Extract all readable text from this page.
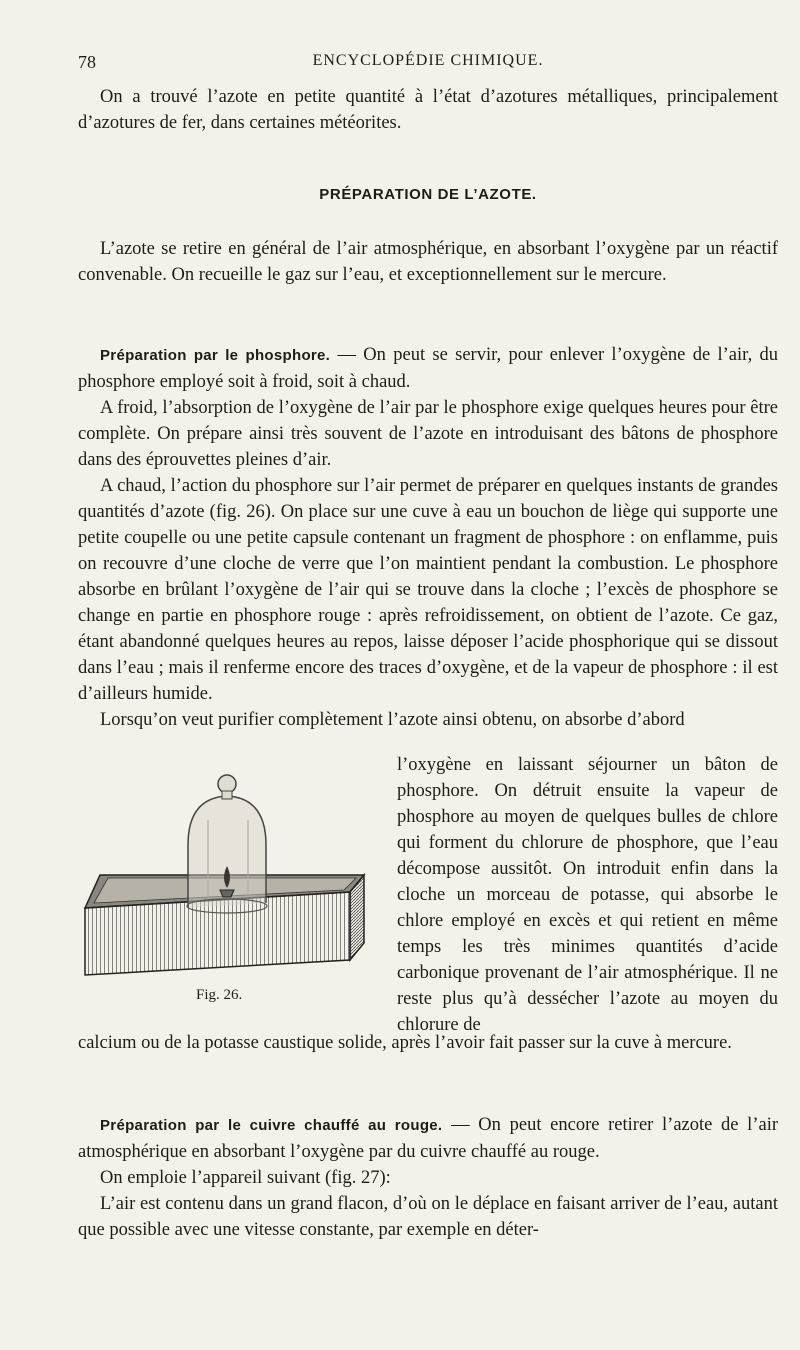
78	ENCYCLOPÉDIE CHIMIQUE.

On a trouvé l’azote en petite quantité à l’état d’azotures métalliques, principalement d’azotures de fer, dans certaines météorites.

PRÉPARATION DE L’AZOTE.

L’azote se retire en général de l’air atmosphérique, en absorbant l’oxygène par un réactif convenable. On recueille le gaz sur l’eau, et exceptionnellement sur le mercure.

Préparation par le phosphore. — On peut se servir, pour enlever l’oxygène de l’air, du phosphore employé soit à froid, soit à chaud.

A froid, l’absorption de l’oxygène de l’air par le phosphore exige quelques heures pour être complète. On prépare ainsi très souvent de l’azote en introduisant des bâtons de phosphore dans des éprouvettes pleines d’air.

A chaud, l’action du phosphore sur l’air permet de préparer en quelques instants de grandes quantités d’azote (fig. 26). On place sur une cuve à eau un bouchon de liège qui supporte une petite coupelle ou une petite capsule contenant un fragment de phosphore : on enflamme, puis on recouvre d’une cloche de verre que l’on maintient pendant la combustion. Le phosphore absorbe en brûlant l’oxygène de l’air qui se trouve dans la cloche ; l’excès de phosphore se change en partie en phosphore rouge : après refroidissement, on obtient de l’azote. Ce gaz, étant abandonné quelques heures au repos, laisse déposer l’acide phosphorique qui se dissout dans l’eau ; mais il renferme encore des traces d’oxygène, et de la vapeur de phosphore : il est d’ailleurs humide.

Lorsqu’on veut purifier complètement l’azote ainsi obtenu, on absorbe d’abord

Fig. 26.
l’oxygène en laissant séjourner un bâton de phosphore. On détruit ensuite la vapeur de phosphore au moyen de quelques bulles de chlore qui forment du chlorure de phosphore, que l’eau décompose aussitôt. On introduit enfin dans la cloche un morceau de potasse, qui absorbe le chlore employé en excès et qui retient en même temps les très minimes quantités d’acide carbonique provenant de l’air atmosphérique. Il ne reste plus qu’à dessécher l’azote au moyen du chlorure de

calcium ou de la potasse caustique solide, après l’avoir fait passer sur la cuve à mercure.

Préparation par le cuivre chauffé au rouge. — On peut encore retirer l’azote de l’air atmosphérique en absorbant l’oxygène par du cuivre chauffé au rouge.

On emploie l’appareil suivant (fig. 27):

L’air est contenu dans un grand flacon, d’où on le déplace en faisant arriver de l’eau, autant que possible avec une vitesse constante, par exemple en déter-
